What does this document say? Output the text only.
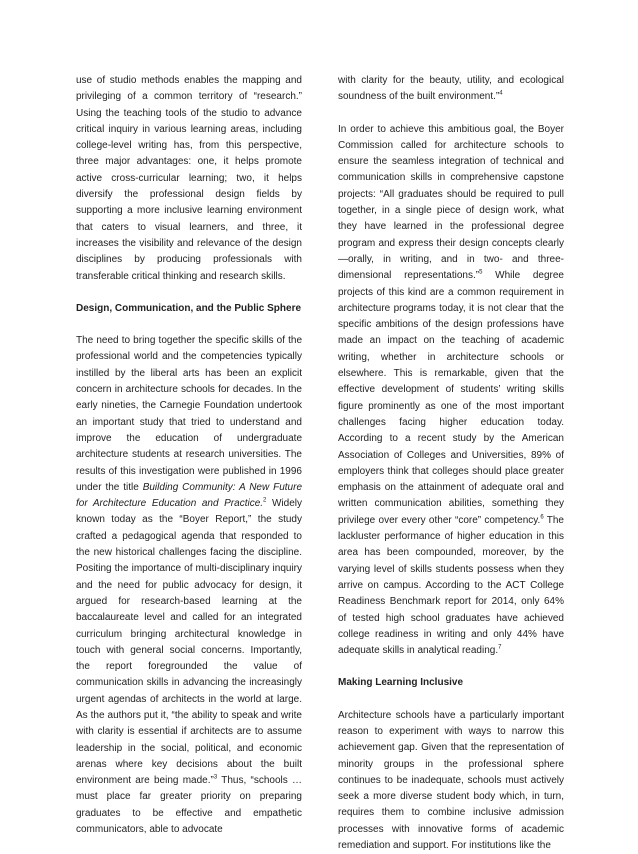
use of studio methods enables the mapping and privileging of a common territory of “research.” Using the teaching tools of the studio to advance critical inquiry in various learning areas, including college-level writing has, from this perspective, three major advantages: one, it helps promote active cross-curricular learning; two, it helps diversify the professional design fields by supporting a more inclusive learning environment that caters to visual learners, and three, it increases the visibility and relevance of the design disciplines by producing professionals with transferable critical thinking and research skills.

Design, Communication, and the Public Sphere

The need to bring together the specific skills of the professional world and the competencies typically instilled by the liberal arts has been an explicit concern in architecture schools for decades. In the early nineties, the Carnegie Foundation undertook an important study that tried to understand and improve the education of undergraduate architecture students at research universities. The results of this investigation were published in 1996 under the title Building Community: A New Future for Architecture Education and Practice.$^2$ Widely known today as the “Boyer Report,” the study crafted a pedagogical agenda that responded to the new historical challenges facing the discipline. Positing the importance of multi-disciplinary inquiry and the need for public advocacy for design, it argued for research-based learning at the baccalaureate level and called for an integrated curriculum bringing architectural knowledge in touch with general social concerns. Importantly, the report foregrounded the value of communication skills in advancing the increasingly urgent agendas of architects in the world at large. As the authors put it, “the ability to speak and write with clarity is essential if architects are to assume leadership in the social, political, and economic arenas where key decisions about the built environment are being made.”$^3$ Thus, “schools … must place far greater priority on preparing graduates to be effective and empathetic communicators, able to advocate

with clarity for the beauty, utility, and ecological soundness of the built environment.”$^4$

In order to achieve this ambitious goal, the Boyer Commission called for architecture schools to ensure the seamless integration of technical and communication skills in comprehensive capstone projects: “All graduates should be required to pull together, in a single piece of design work, what they have learned in the professional degree program and express their design concepts clearly—orally, in writing, and in two- and three-dimensional representations.”$^5$ While degree projects of this kind are a common requirement in architecture programs today, it is not clear that the specific ambitions of the design professions have made an impact on the teaching of academic writing, whether in architecture schools or elsewhere. This is remarkable, given that the effective development of students’ writing skills figure prominently as one of the most important challenges facing higher education today. According to a recent study by the American Association of Colleges and Universities, 89% of employers think that colleges should place greater emphasis on the attainment of adequate oral and written communication abilities, something they privilege over every other “core” competency.$^6$ The lackluster performance of higher education in this area has been compounded, moreover, by the varying level of skills students possess when they arrive on campus. According to the ACT College Readiness Benchmark report for 2014, only 64% of tested high school graduates have achieved college readiness in writing and only 44% have adequate skills in analytical reading.$^7$

Making Learning Inclusive

Architecture schools have a particularly important reason to experiment with ways to narrow this achievement gap. Given that the representation of minority groups in the professional sphere continues to be inadequate, schools must actively seek a more diverse student body which, in turn, requires them to combine inclusive admission processes with innovative forms of academic remediation and support. For institutions like the
